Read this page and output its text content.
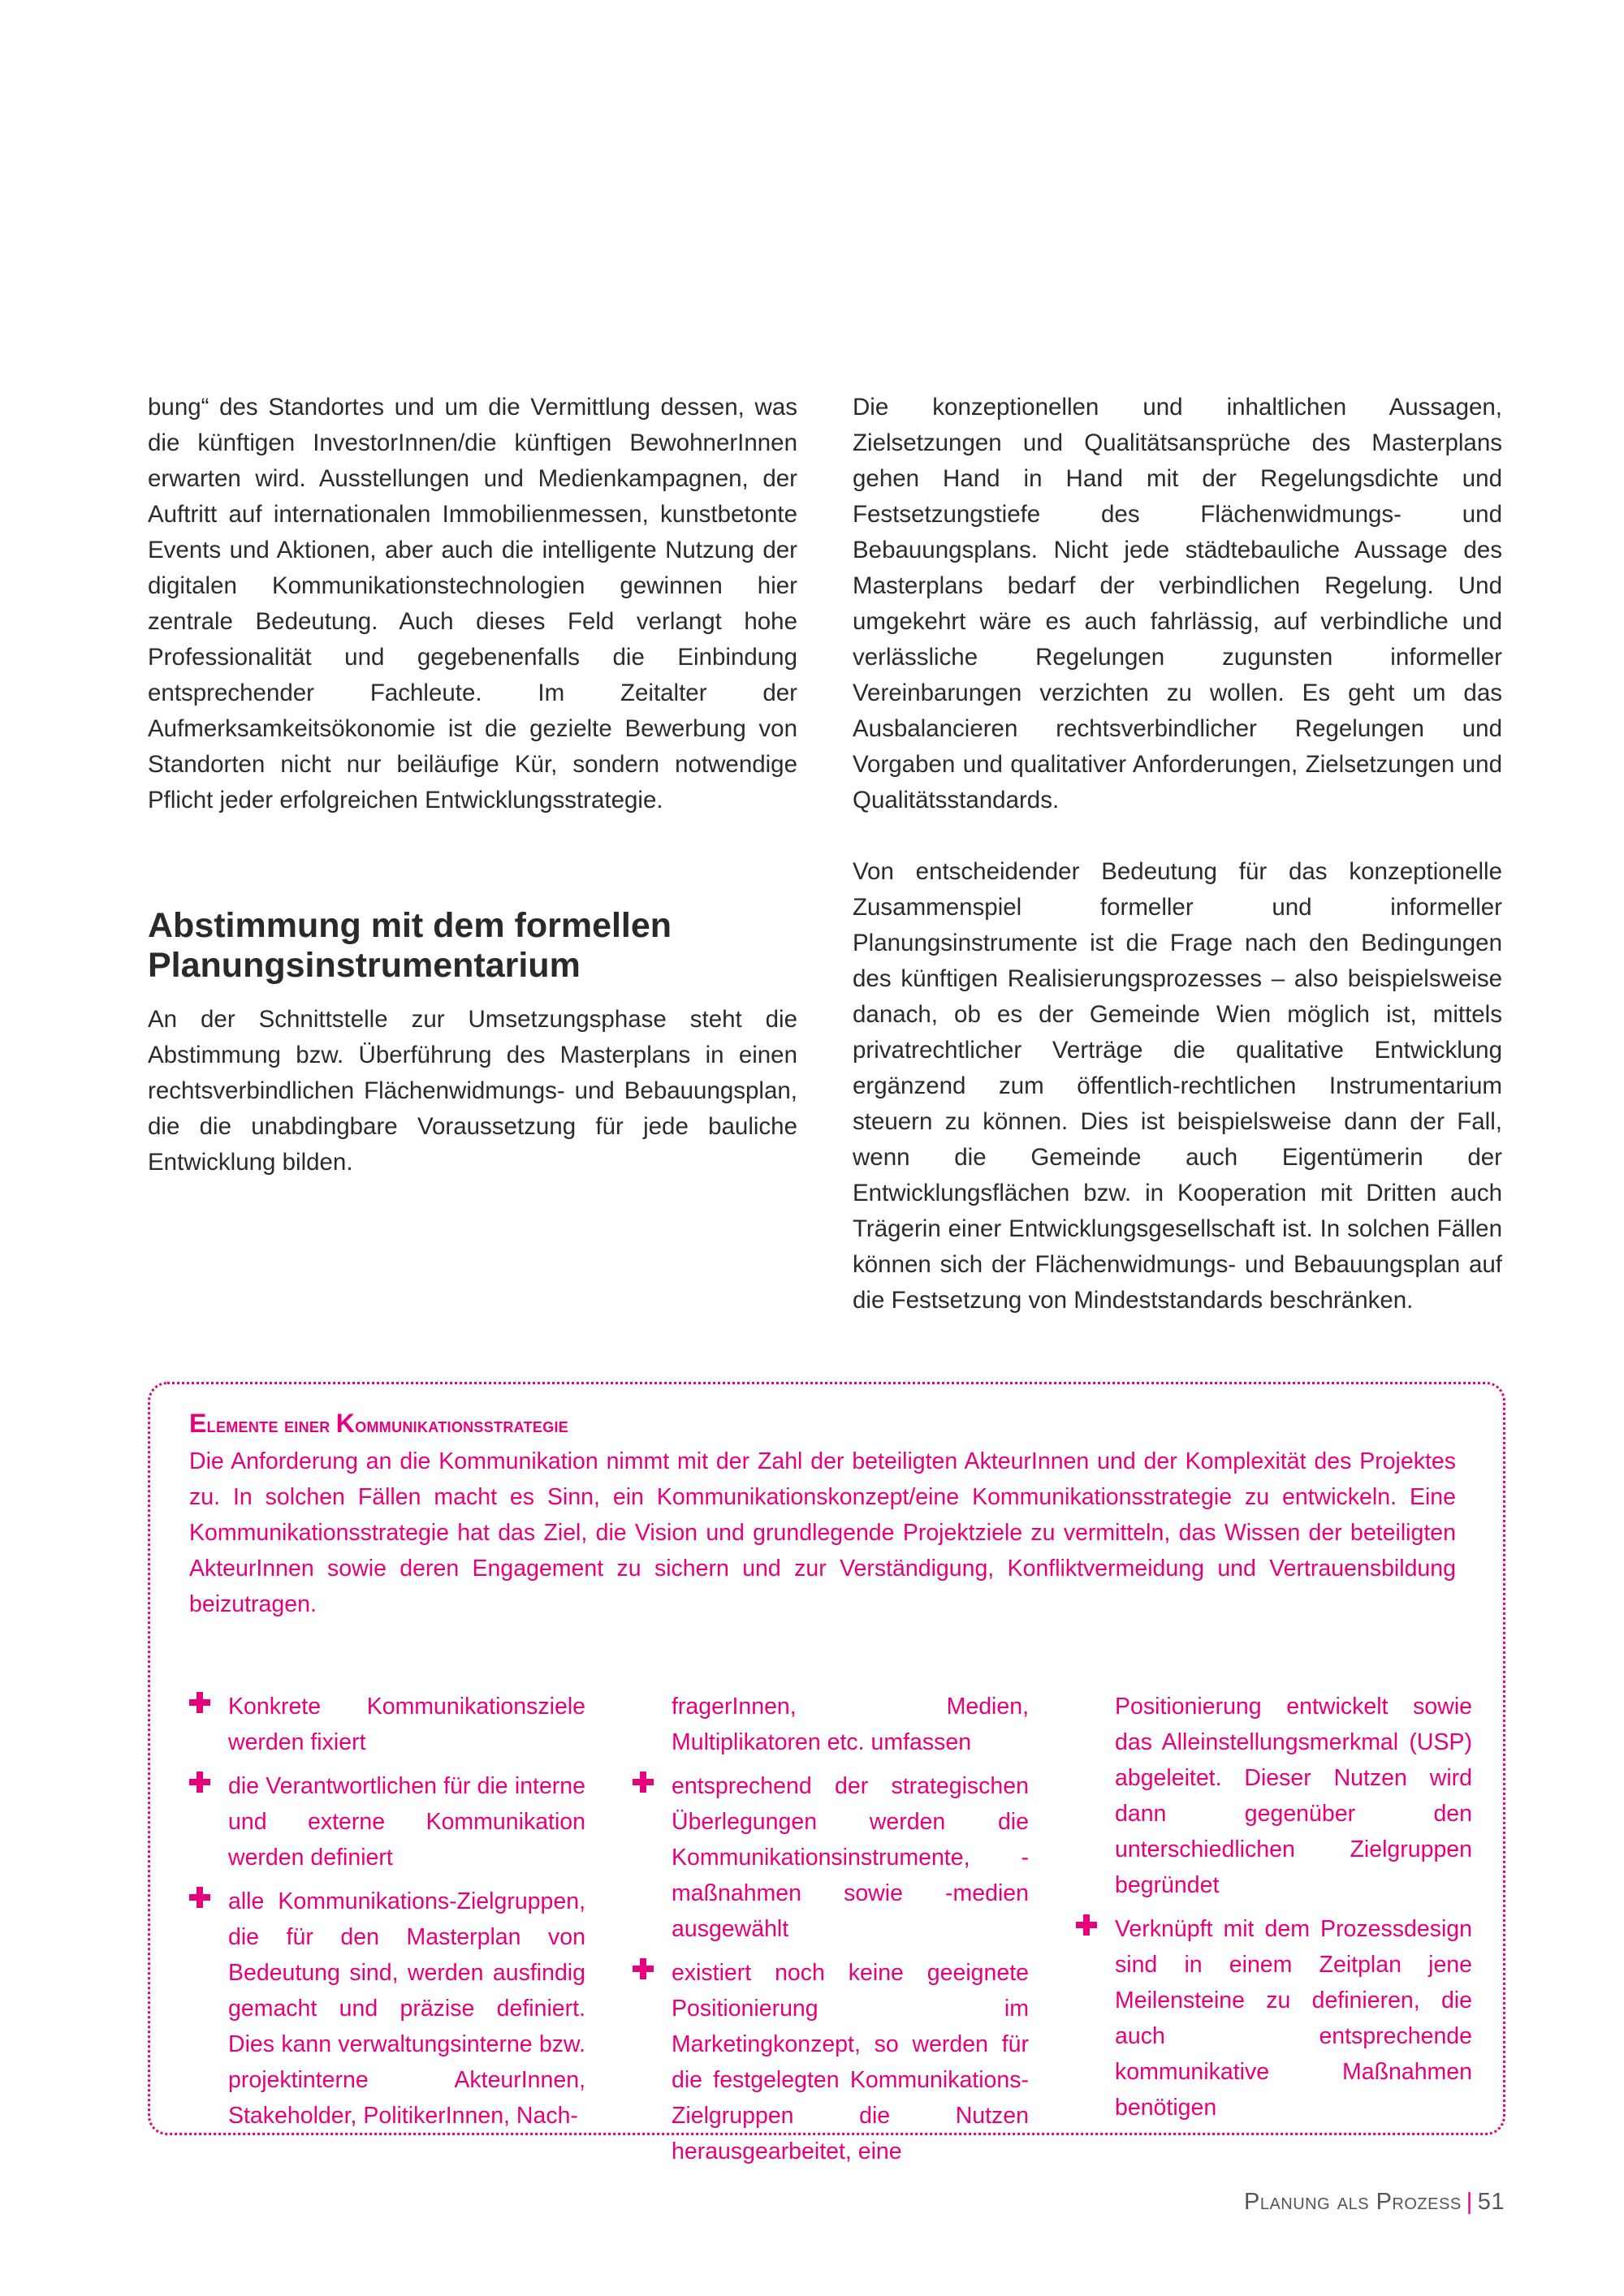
bung“ des Standortes und um die Vermittlung dessen, was die künftigen InvestorInnen/die künftigen BewohnerInnen erwarten wird. Ausstellungen und Medienkampagnen, der Auftritt auf internationalen Immobilienmessen, kunstbetonte Events und Aktionen, aber auch die intelligente Nutzung der digitalen Kommunikationstechnologien gewinnen hier zentrale Bedeutung. Auch dieses Feld verlangt hohe Professionalität und gegebenenfalls die Einbindung entsprechender Fachleute. Im Zeitalter der Aufmerksamkeitsökonomie ist die gezielte Bewerbung von Standorten nicht nur beiläufige Kür, sondern notwendige Pflicht jeder erfolgreichen Entwicklungsstrategie.

Abstimmung mit dem formellen
Planungsinstrumentarium

An der Schnittstelle zur Umsetzungsphase steht die Abstimmung bzw. Überführung des Masterplans in einen rechtsverbindlichen Flächenwidmungs- und Bebauungsplan, die die unabdingbare Voraussetzung für jede bauliche Entwicklung bilden.

Die konzeptionellen und inhaltlichen Aussagen, Zielsetzungen und Qualitätsansprüche des Masterplans gehen Hand in Hand mit der Regelungsdichte und Festsetzungstiefe des Flächenwidmungs- und Bebauungsplans. Nicht jede städtebauliche Aussage des Masterplans bedarf der verbindlichen Regelung. Und umgekehrt wäre es auch fahrlässig, auf verbindliche und verlässliche Regelungen zugunsten informeller Vereinbarungen verzichten zu wollen. Es geht um das Ausbalancieren rechtsverbindlicher Regelungen und Vorgaben und qualitativer Anforderungen, Zielsetzungen und Qualitätsstandards.

Von entscheidender Bedeutung für das konzeptionelle Zusammenspiel formeller und informeller Planungsinstrumente ist die Frage nach den Bedingungen des künftigen Realisierungsprozesses – also beispielsweise danach, ob es der Gemeinde Wien möglich ist, mittels privatrechtlicher Verträge die qualitative Entwicklung ergänzend zum öffentlich-rechtlichen Instrumentarium steuern zu können. Dies ist beispielsweise dann der Fall, wenn die Gemeinde auch Eigentümerin der Entwicklungsflächen bzw. in Kooperation mit Dritten auch Trägerin einer Entwicklungsgesellschaft ist. In solchen Fällen können sich der Flächenwidmungs- und Bebauungsplan auf die Festsetzung von Mindeststandards beschränken.

Elemente einer Kommunikationsstrategie

Die Anforderung an die Kommunikation nimmt mit der Zahl der beteiligten AkteurInnen und der Komplexität des Projektes zu. In solchen Fällen macht es Sinn, ein Kommunikationskonzept/eine Kommunikationsstrategie zu entwickeln. Eine Kommunikationsstrategie hat das Ziel, die Vision und grundlegende Projektziele zu vermitteln, das Wissen der beteiligten AkteurInnen sowie deren Engagement zu sichern und zur Verständigung, Konfliktvermeidung und Vertrauensbildung beizutragen.

Konkrete Kommunikationsziele werden fixiert
die Verantwortlichen für die interne und externe Kommunikation werden definiert
alle Kommunikations-Zielgruppen, die für den Masterplan von Bedeutung sind, werden ausfindig gemacht und präzise definiert. Dies kann verwaltungsinterne bzw. projektinterne AkteurInnen, Stakeholder, PolitikerInnen, Nach-
fragerInnen, Medien, Multiplikatoren etc. umfassen
entsprechend der strategischen Überlegungen werden die Kommunikationsinstrumente, -maßnahmen sowie -medien ausgewählt
existiert noch keine geeignete Positionierung im Marketingkonzept, so werden für die festgelegten Kommunikations-Zielgruppen die Nutzen herausgearbeitet, eine
Positionierung entwickelt sowie das Alleinstellungsmerkmal (USP) abgeleitet. Dieser Nutzen wird dann gegenüber den unterschiedlichen Zielgruppen begründet
Verknüpft mit dem Prozessdesign sind in einem Zeitplan jene Meilensteine zu definieren, die auch entsprechende kommunikative Maßnahmen benötigen
Planung als Prozess | 51
